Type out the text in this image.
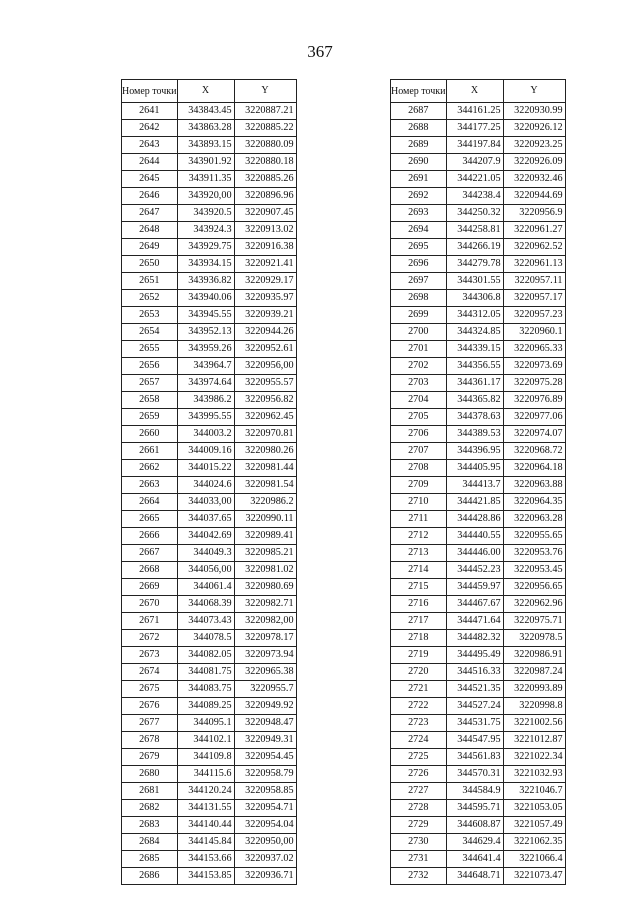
367
Номер точки	X	Y
2641	343843.45	3220887.21
2642	343863.28	3220885.22
2643	343893.15	3220880.09
2644	343901.92	3220880.18
2645	343911.35	3220885.26
2646	343920,00	3220896.96
2647	343920.5	3220907.45
2648	343924.3	3220913.02
2649	343929.75	3220916.38
2650	343934.15	3220921.41
2651	343936.82	3220929.17
2652	343940.06	3220935.97
2653	343945.55	3220939.21
2654	343952.13	3220944.26
2655	343959.26	3220952.61
2656	343964.7	3220956,00
2657	343974.64	3220955.57
2658	343986.2	3220956.82
2659	343995.55	3220962.45
2660	344003.2	3220970.81
2661	344009.16	3220980.26
2662	344015.22	3220981.44
2663	344024.6	3220981.54
2664	344033,00	3220986.2
2665	344037.65	3220990.11
2666	344042.69	3220989.41
2667	344049.3	3220985.21
2668	344056,00	3220981.02
2669	344061.4	3220980.69
2670	344068.39	3220982.71
2671	344073.43	3220982,00
2672	344078.5	3220978.17
2673	344082.05	3220973.94
2674	344081.75	3220965.38
2675	344083.75	3220955.7
2676	344089.25	3220949.92
2677	344095.1	3220948.47
2678	344102.1	3220949.31
2679	344109.8	3220954.45
2680	344115.6	3220958.79
2681	344120.24	3220958.85
2682	344131.55	3220954.71
2683	344140.44	3220954.04
2684	344145.84	3220950,00
2685	344153.66	3220937.02
2686	344153.85	3220936.71
Номер точки	X	Y
2687	344161.25	3220930.99
2688	344177.25	3220926.12
2689	344197.84	3220923.25
2690	344207.9	3220926.09
2691	344221.05	3220932.46
2692	344238.4	3220944.69
2693	344250.32	3220956.9
2694	344258.81	3220961.27
2695	344266.19	3220962.52
2696	344279.78	3220961.13
2697	344301.55	3220957.11
2698	344306.8	3220957.17
2699	344312.05	3220957.23
2700	344324.85	3220960.1
2701	344339.15	3220965.33
2702	344356.55	3220973.69
2703	344361.17	3220975.28
2704	344365.82	3220976.89
2705	344378.63	3220977.06
2706	344389.53	3220974.07
2707	344396.95	3220968.72
2708	344405.95	3220964.18
2709	344413.7	3220963.88
2710	344421.85	3220964.35
2711	344428.86	3220963.28
2712	344440.55	3220955.65
2713	344446.00	3220953.76
2714	344452.23	3220953.45
2715	344459.97	3220956.65
2716	344467.67	3220962.96
2717	344471.64	3220975.71
2718	344482.32	3220978.5
2719	344495.49	3220986.91
2720	344516.33	3220987.24
2721	344521.35	3220993.89
2722	344527.24	3220998.8
2723	344531.75	3221002.56
2724	344547.95	3221012.87
2725	344561.83	3221022.34
2726	344570.31	3221032.93
2727	344584.9	3221046.7
2728	344595.71	3221053.05
2729	344608.87	3221057.49
2730	344629.4	3221062.35
2731	344641.4	3221066.4
2732	344648.71	3221073.47
